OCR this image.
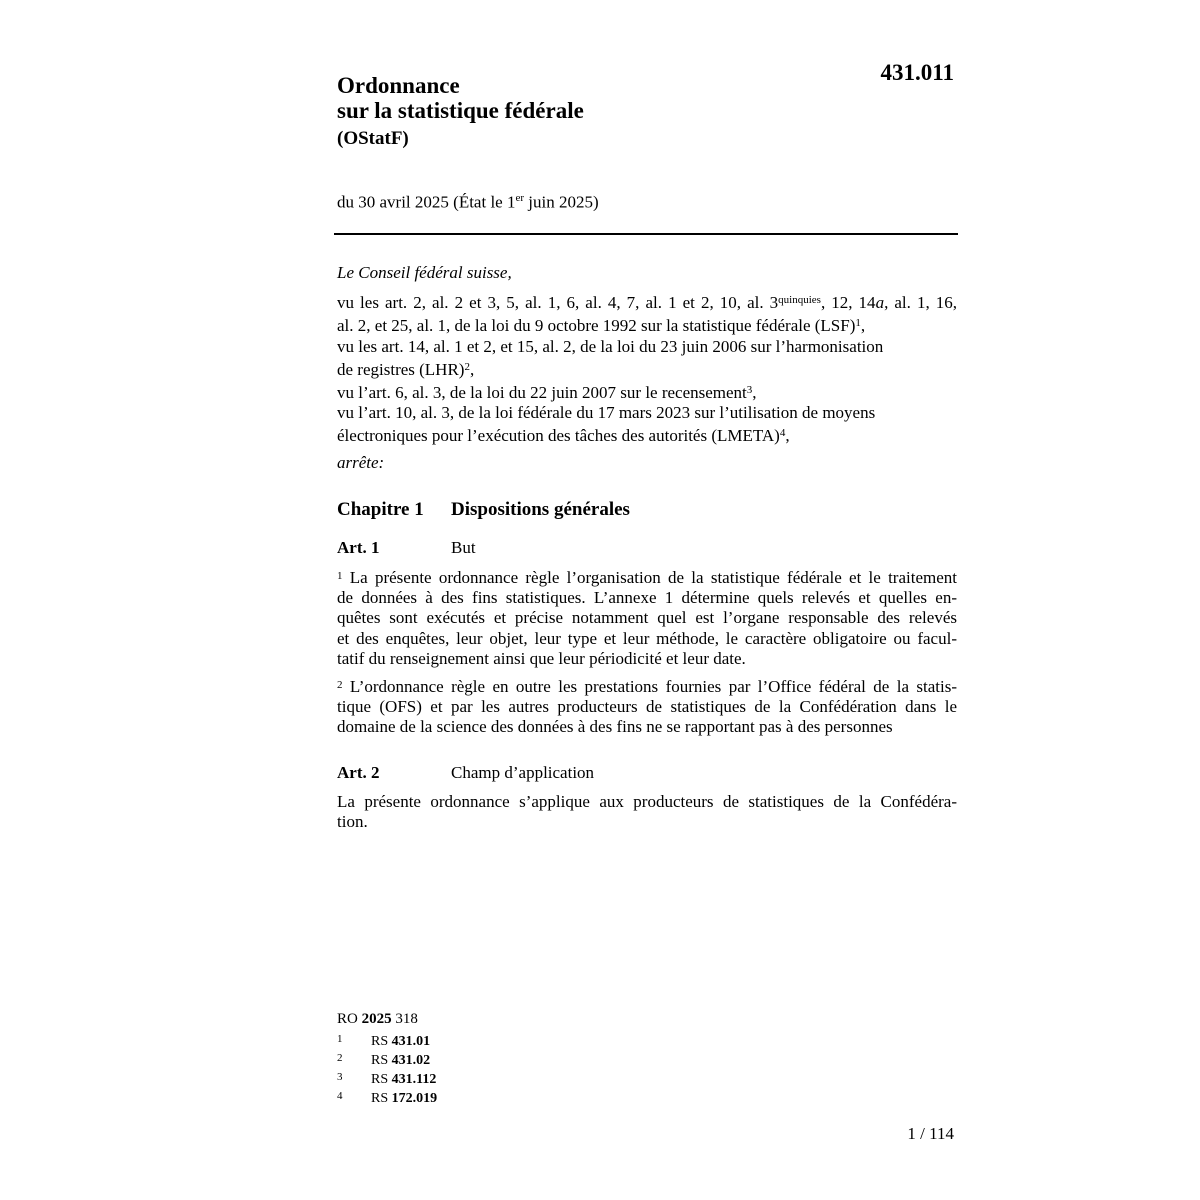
431.011
Ordonnance
sur la statistique fédérale
(OStatF)
du 30 avril 2025 (État le 1er juin 2025)
Le Conseil fédéral suisse,
vu les art. 2, al. 2 et 3, 5, al. 1, 6, al. 4, 7, al. 1 et 2, 10, al. $3^{quinquies}$, 12, 14a, al. 1, 16,
al. 2, et 25, al. 1, de la loi du 9 octobre 1992 sur la statistique fédérale (LSF)$^1$,
vu les art. 14, al. 1 et 2, et 15, al. 2, de la loi du 23 juin 2006 sur l’harmonisation
de registres (LHR)$^2$,
vu l’art. 6, al. 3, de la loi du 22 juin 2007 sur le recensement$^3$,
vu l’art. 10, al. 3, de la loi fédérale du 17 mars 2023 sur l’utilisation de moyens
électroniques pour l’exécution des tâches des autorités (LMETA)$^4$,
arrête:
Chapitre 1 Dispositions générales
Art. 1	But
$^1$ La présente ordonnance règle l’organisation de la statistique fédérale et le traitement
de données à des fins statistiques. L’annexe 1 détermine quels relevés et quelles en-
quêtes sont exécutés et précise notamment quel est l’organe responsable des relevés
et des enquêtes, leur objet, leur type et leur méthode, le caractère obligatoire ou facul-
tatif du renseignement ainsi que leur périodicité et leur date.
$^2$ L’ordonnance règle en outre les prestations fournies par l’Office fédéral de la statis-
tique (OFS) et par les autres producteurs de statistiques de la Confédération dans le
domaine de la science des données à des fins ne se rapportant pas à des personnes
Art. 2	Champ d’application
La présente ordonnance s’applique aux producteurs de statistiques de la Confédéra-
tion.
RO 2025 318
1 RS 431.01
2 RS 431.02
3 RS 431.112
4 RS 172.019
1 / 114
